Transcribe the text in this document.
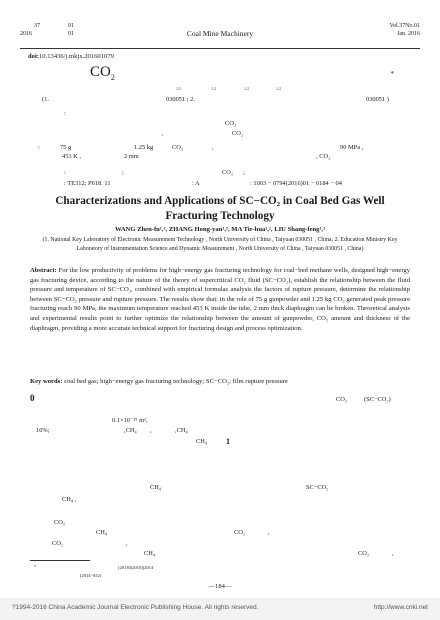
37
2016
01
01	Coal Mine Machinery
Vol.37No.01
Jan. 2016
doi:10.13436/j.mkjx.201601079
$CO_2$	*
1,2	1,2	1,2	1,2
(1.	030051 ; 2.	030051 )
:
CO₂
,	CO₂
:	75 g	1.25 kg	CO₂	,	90 MPa ,
453 K ,	2 mm	, CO₂
:	;	CO₂ ;
: TE312; P618. 11	: A	: 1003 − 0794(2016)01 − 0184 − 04
Characterizations and Applications of SC−CO₂ in Coal Bed Gas Well Fracturing Technology
WANG Zhen-fu¹,², ZHANG Hong-yan¹,², MA Tie-hua¹,², LIU Shang-feng¹,²
(1. National Key Laboratory of Electronic Measurement Technology , North University of China , Taiyuan 030051 , China; 2. Education Ministry Key Laboratory of Instrumentation Science and Dynamic Measurement , North University of China , Taiyuan 030051 , China)
Abstract: For the low productivity of problems for high−energy gas fracturing technology for coal−bed methane wells, designed high−energy gas fracturing device, according to the nature of the theory of supercritical CO₂ fluid (SC−CO₂), establish the relationship between the fluid pressure and temperature of SC−CO₂, combined with empirical formulas analysis the factors of rupture pressure, determine the relationship between SC−CO₂ pressure and rupture pressure. The results show that: in the role of 75 g gunpowder and 1.25 kg CO₂ generated peak pressure fracturing reach 90 MPa, the maximum temperature reached 453 K inside the tube, 2 mm thick diaphragm can be broken. Theoretical analysis and experimental results point to further optimize the relationship between the amount of gunpowder, CO₂ amount and thickness of the diaphragm, providing a more accurate technical support for fracturing design and process optimization.
Key words: coal bed gas; high−energy gas fracturing technology; SC−CO₂; film rupture pressure
0	CO₂	(SC−CO₂)
0.1×10⁻¹⁵ m²,
10%;	,CH₄ ,	,CH₄
CH₄ 1
CH₄	SC−CO₂
CH₄ ,
CO₂
CH₄	CO₂	,
CO₂	,
CH₄	CO₂	,
*	(20130(2010))2014
(2014−052)
—184—
?1994-2016 China Academic Journal Electronic Publishing House. All rights reserved.	http://www.cnki.net
